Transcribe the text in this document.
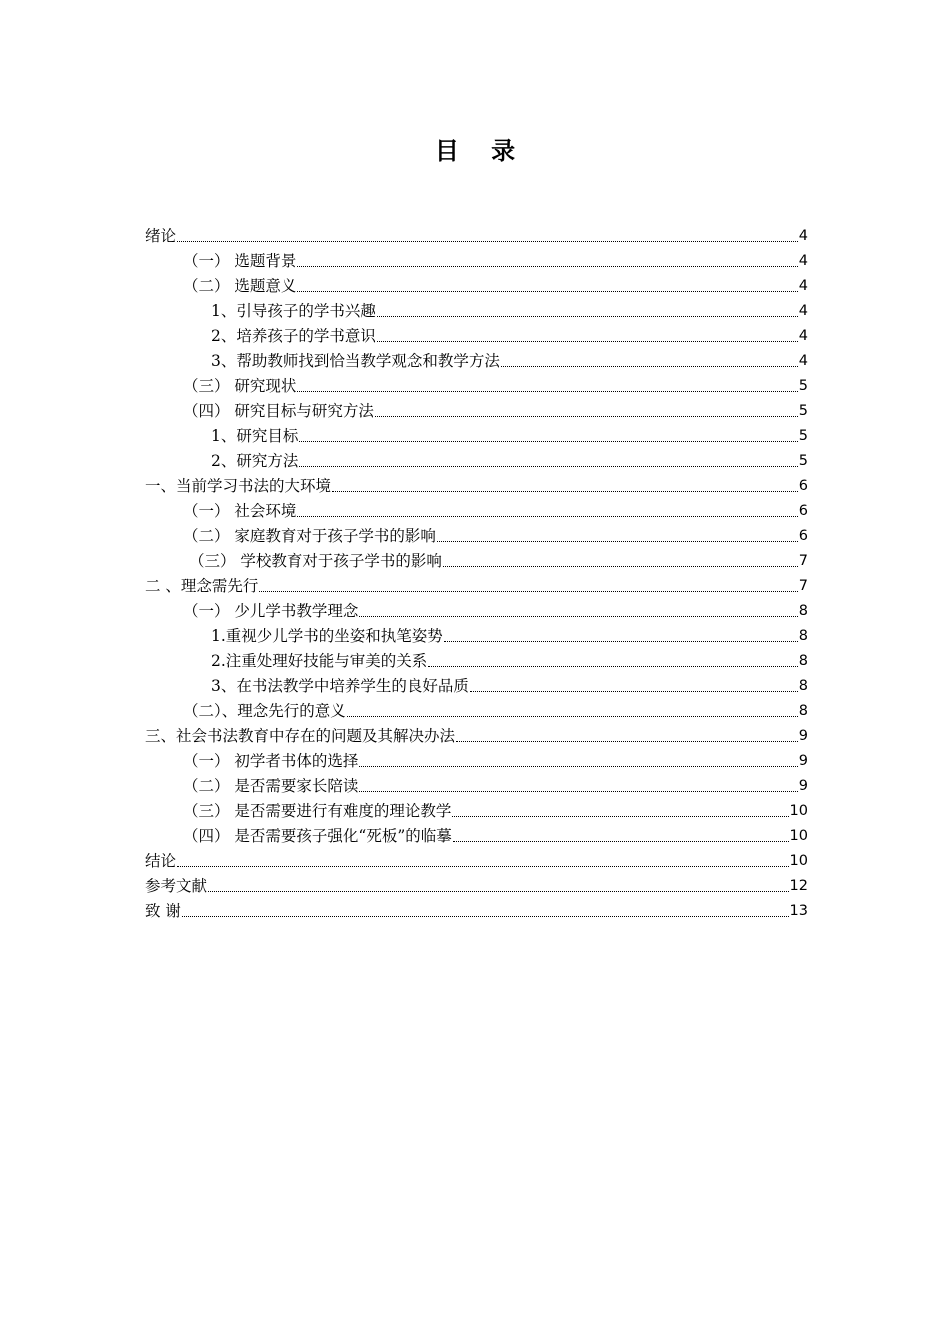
目 录
绪论	4
（一） 选题背景	4
（二） 选题意义	4
1、引导孩子的学书兴趣	4
2、培养孩子的学书意识	4
3、帮助教师找到恰当教学观念和教学方法	4
（三） 研究现状	5
（四） 研究目标与研究方法	5
1、研究目标	5
2、研究方法	5
一、当前学习书法的大环境	6
（一） 社会环境	6
（二） 家庭教育对于孩子学书的影响	6
（三） 学校教育对于孩子学书的影响	7
二 、理念需先行	7
（一） 少儿学书教学理念	8
1.重视少儿学书的坐姿和执笔姿势	8
2.注重处理好技能与审美的关系	8
3、在书法教学中培养学生的良好品质	8
（二）、理念先行的意义	8
三、社会书法教育中存在的问题及其解决办法	9
（一） 初学者书体的选择	9
（二） 是否需要家长陪读	9
（三） 是否需要进行有难度的理论教学	10
（四） 是否需要孩子强化“死板”的临摹	10
结论	10
参考文献	12
致 谢	13
